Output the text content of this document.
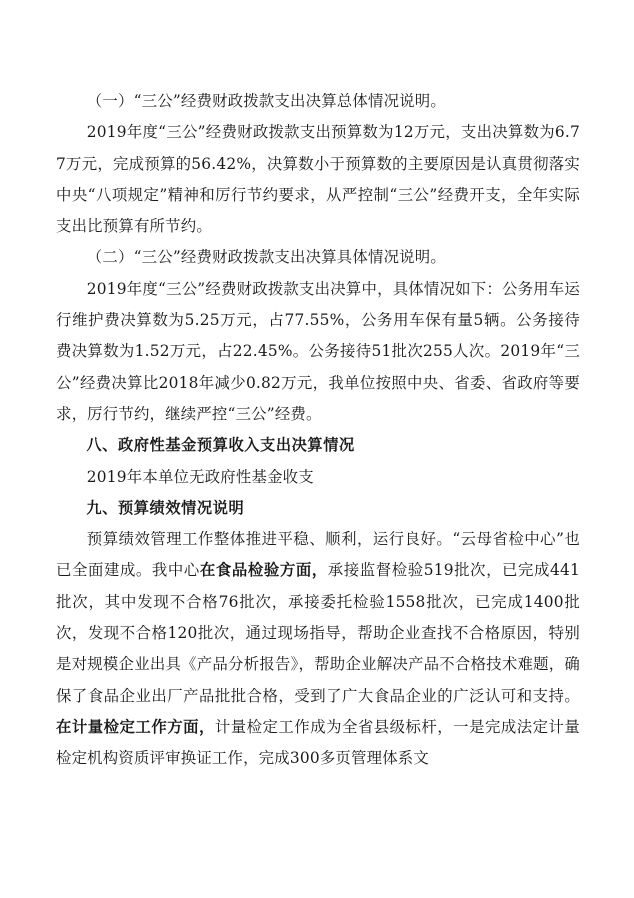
（一）“三公”经费财政拨款支出决算总体情况说明。

2019年度“三公”经费财政拨款支出预算数为12万元，支出决算数为6.77万元，完成预算的56.42%，决算数小于预算数的主要原因是认真贯彻落实中央“八项规定”精神和厉行节约要求，从严控制“三公”经费开支，全年实际支出比预算有所节约。

（二）“三公”经费财政拨款支出决算具体情况说明。

2019年度“三公”经费财政拨款支出决算中，具体情况如下：公务用车运行维护费决算数为5.25万元，占77.55%，公务用车保有量5辆。公务接待费决算数为1.52万元，占22.45%。公务接待51批次255人次。2019年“三公”经费决算比2018年减少0.82万元，我单位按照中央、省委、省政府等要求，厉行节约，继续严控“三公”经费。

八、政府性基金预算收入支出决算情况

2019年本单位无政府性基金收支

九、预算绩效情况说明

预算绩效管理工作整体推进平稳、顺利，运行良好。“云母省检中心”也已全面建成。我中心在食品检验方面，承接监督检验519批次，已完成441批次，其中发现不合格76批次，承接委托检验1558批次，已完成1400批次，发现不合格120批次，通过现场指导，帮助企业查找不合格原因，特别是对规模企业出具《产品分析报告》，帮助企业解决产品不合格技术难题，确保了食品企业出厂产品批批合格，受到了广大食品企业的广泛认可和支持。在计量检定工作方面，计量检定工作成为全省县级标杆，一是完成法定计量检定机构资质评审换证工作，完成300多页管理体系文
